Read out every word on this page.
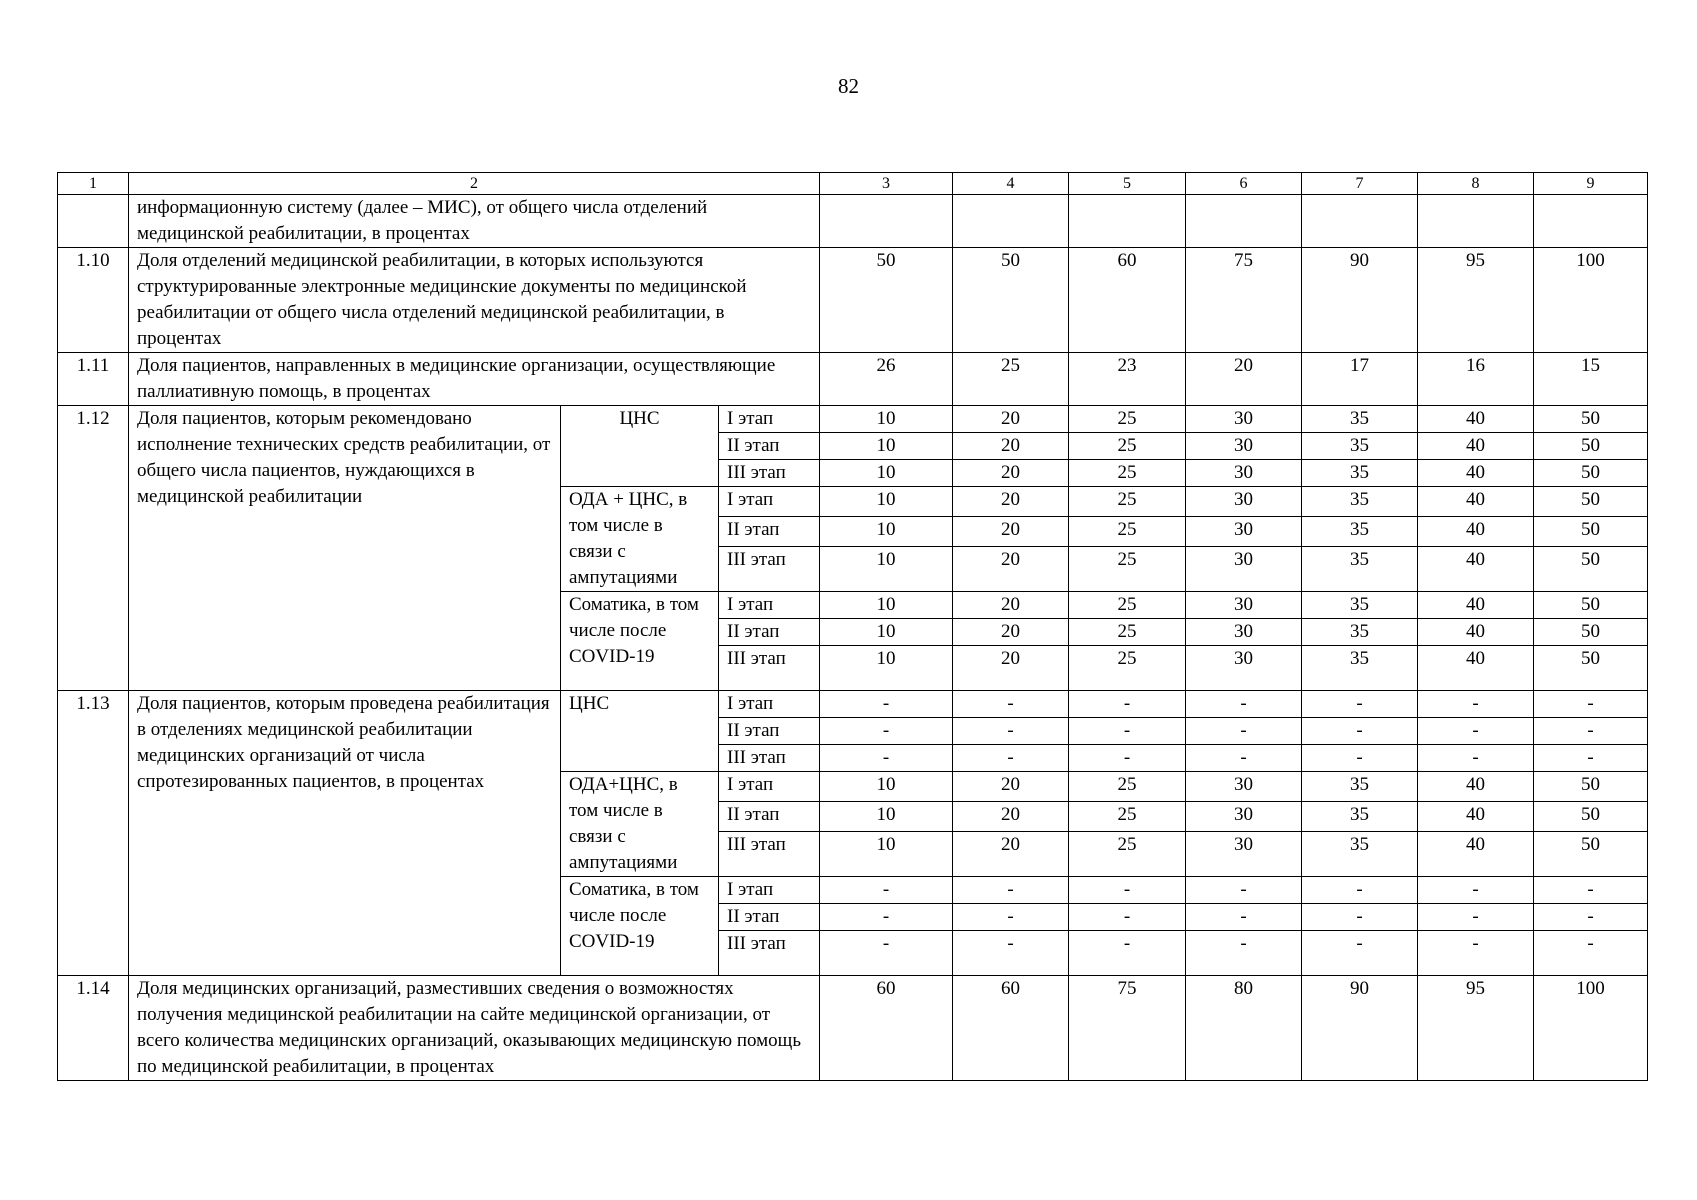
82
1	2			3	4	5	6	7	8	9
	информационную систему (далее – МИС), от общего числа отделений медицинской реабилитации, в процентах									
1.10	Доля отделений медицинской реабилитации, в которых используются структурированные электронные медицинские документы по медицинской реабилитации от общего числа отделений медицинской реабилитации, в процентах			50	50	60	75	90	95	100
1.11	Доля пациентов, направленных в медицинские организации, осуществляющие паллиативную помощь, в процентах			26	25	23	20	17	16	15
1.12	Доля пациентов, которым рекомендовано исполнение технических средств реабилитации, от общего числа пациентов, нуждающихся в медицинской реабилитации	ЦНС	I этап	10	20	25	30	35	40	50
			II этап	10	20	25	30	35	40	50
			III этап	10	20	25	30	35	40	50
		ОДА + ЦНС, в том числе в связи с ампутациями	I этап	10	20	25	30	35	40	50
			II этап	10	20	25	30	35	40	50
			III этап	10	20	25	30	35	40	50
		Соматика, в том числе после COVID-19	I этап	10	20	25	30	35	40	50
			II этап	10	20	25	30	35	40	50
			III этап	10	20	25	30	35	40	50
1.13	Доля пациентов, которым проведена реабилитация в отделениях медицинской реабилитации медицинских организаций от числа спротезированных пациентов, в процентах	ЦНС	I этап	-	-	-	-	-	-	-
			II этап	-	-	-	-	-	-	-
			III этап	-	-	-	-	-	-	-
		ОДА+ЦНС, в том числе в связи с ампутациями	I этап	10	20	25	30	35	40	50
			II этап	10	20	25	30	35	40	50
			III этап	10	20	25	30	35	40	50
		Соматика, в том числе после COVID-19	I этап	-	-	-	-	-	-	-
			II этап	-	-	-	-	-	-	-
			III этап	-	-	-	-	-	-	-
1.14	Доля медицинских организаций, разместивших сведения о возможностях получения медицинской реабилитации на сайте медицинской организации, от всего количества медицинских организаций, оказывающих медицинскую помощь по медицинской реабилитации, в процентах			60	60	75	80	90	95	100
